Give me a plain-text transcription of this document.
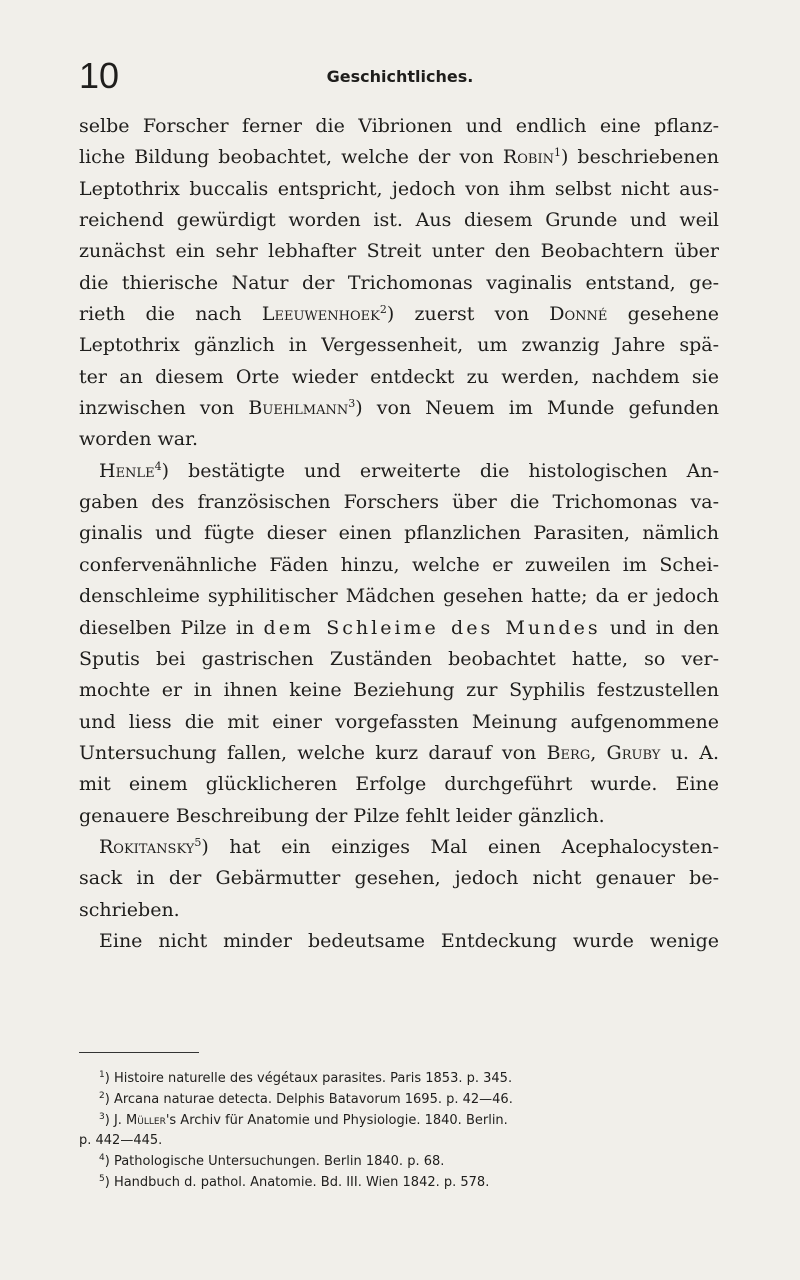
10	Geschichtliches.
selbe Forscher ferner die Vibrionen und endlich eine pflanz-
liche Bildung beobachtet, welche der von Robin$^1$) beschriebenen
Leptothrix buccalis entspricht, jedoch von ihm selbst nicht aus-
reichend gewürdigt worden ist. Aus diesem Grunde und weil
zunächst ein sehr lebhafter Streit unter den Beobachtern über
die thierische Natur der Trichomonas vaginalis entstand, ge-
rieth die nach Leeuwenhoek$^2$) zuerst von Donné gesehene
Leptothrix gänzlich in Vergessenheit, um zwanzig Jahre spä-
ter an diesem Orte wieder entdeckt zu werden, nachdem sie
inzwischen von Buehlmann$^3$) von Neuem im Munde gefunden
worden war.
Henle$^4$) bestätigte und erweiterte die histologischen An-
gaben des französischen Forschers über die Trichomonas va-
ginalis und fügte dieser einen pflanzlichen Parasiten, nämlich
confervenähnliche Fäden hinzu, welche er zuweilen im Schei-
denschleime syphilitischer Mädchen gesehen hatte; da er jedoch
dieselben Pilze in dem Schleime des Mundes und in den
Sputis bei gastrischen Zuständen beobachtet hatte, so ver-
mochte er in ihnen keine Beziehung zur Syphilis festzustellen
und liess die mit einer vorgefassten Meinung aufgenommene
Untersuchung fallen, welche kurz darauf von Berg, Gruby u. A.
mit einem glücklicheren Erfolge durchgeführt wurde. Eine
genauere Beschreibung der Pilze fehlt leider gänzlich.
Rokitansky$^5$) hat ein einziges Mal einen Acephalocysten-
sack in der Gebärmutter gesehen, jedoch nicht genauer be-
schrieben.
Eine nicht minder bedeutsame Entdeckung wurde wenige
$^1$) Histoire naturelle des végétaux parasites. Paris 1853. p. 345.
$^2$) Arcana naturae detecta. Delphis Batavorum 1695. p. 42—46.
$^3$) J. Müller's Archiv für Anatomie und Physiologie. 1840. Berlin.
p. 442—445.
$^4$) Pathologische Untersuchungen. Berlin 1840. p. 68.
$^5$) Handbuch d. pathol. Anatomie. Bd. III. Wien 1842. p. 578.
